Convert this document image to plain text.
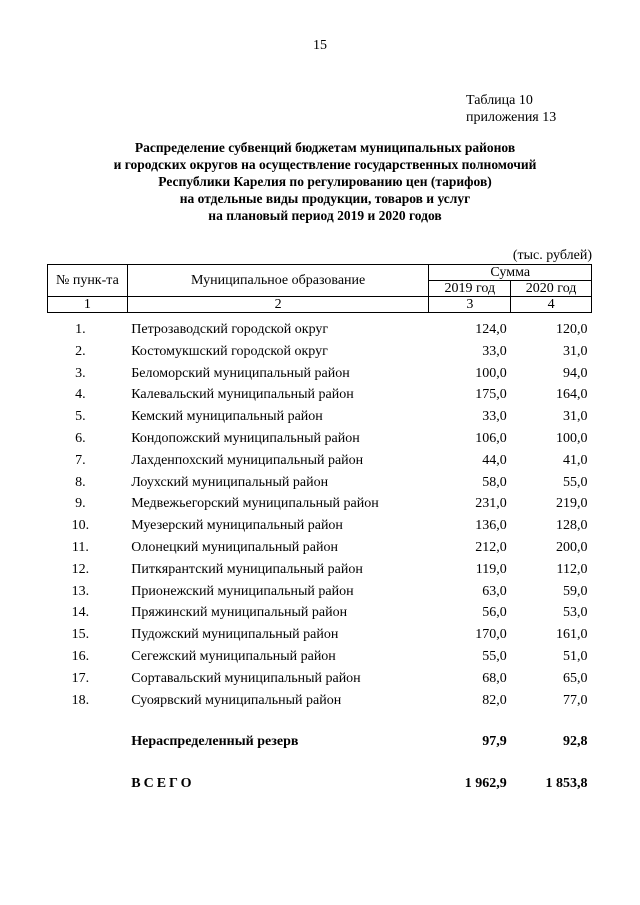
15
Таблица 10
приложения 13
Распределение субвенций бюджетам муниципальных районов
и городских округов на осуществление государственных полномочий
Республики Карелия по регулированию цен (тарифов)
на отдельные виды продукции, товаров и услуг
на плановый период 2019 и 2020 годов
(тыс. рублей)
№ пунк-та	Муниципальное образование	Сумма	
		2019 год	2020 год
1	2	3	4
1.	Петрозаводский городской округ	124,0	120,0
2.	Костомукшский городской округ	33,0	31,0
3.	Беломорский муниципальный район	100,0	94,0
4.	Калевальский муниципальный район	175,0	164,0
5.	Кемский муниципальный район	33,0	31,0
6.	Кондопожский муниципальный район	106,0	100,0
7.	Лахденпохский муниципальный район	44,0	41,0
8.	Лоухский муниципальный район	58,0	55,0
9.	Медвежьегорский муниципальный район	231,0	219,0
10.	Муезерский муниципальный район	136,0	128,0
11.	Олонецкий муниципальный район	212,0	200,0
12.	Питкярантский муниципальный район	119,0	112,0
13.	Прионежский муниципальный район	63,0	59,0
14.	Пряжинский муниципальный район	56,0	53,0
15.	Пудожский муниципальный район	170,0	161,0
16.	Сегежский муниципальный район	55,0	51,0
17.	Сортавальский муниципальный район	68,0	65,0
18.	Суоярвский муниципальный район	82,0	77,0

	Нераспределенный резерв	97,9	92,8

	ВСЕГО	1 962,9	1 853,8
